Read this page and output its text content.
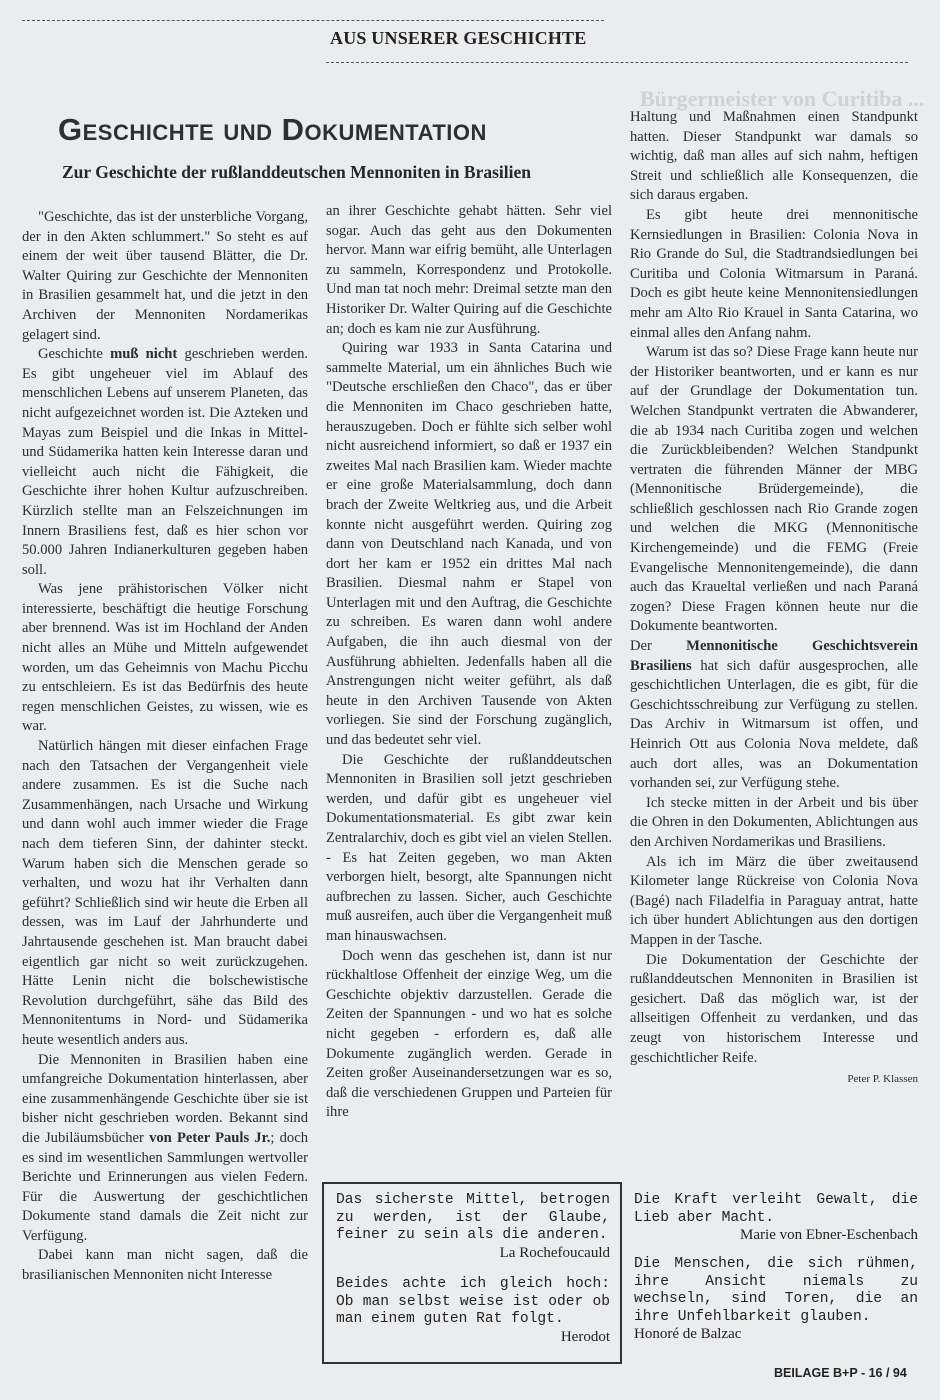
AUS UNSERER GESCHICHTE
Bürgermeister von Curitiba ...
Geschichte und Dokumentation
Zur Geschichte der rußlanddeutschen Mennoniten in Brasilien

"Geschichte, das ist der unsterbliche Vorgang, der in den Akten schlummert." So steht es auf einem der weit über tausend Blätter, die Dr. Walter Quiring zur Geschichte der Mennoniten in Brasilien gesammelt hat, und die jetzt in den Archiven der Mennoniten Nordamerikas gelagert sind.

Geschichte muß nicht geschrieben werden. Es gibt ungeheuer viel im Ablauf des menschlichen Lebens auf unserem Planeten, das nicht aufgezeichnet worden ist. Die Azteken und Mayas zum Beispiel und die Inkas in Mittel- und Südamerika hatten kein Interesse daran und vielleicht auch nicht die Fähigkeit, die Geschichte ihrer hohen Kultur aufzuschreiben. Kürzlich stellte man an Felszeichnungen im Innern Brasiliens fest, daß es hier schon vor 50.000 Jahren Indianerkulturen gegeben haben soll.

Was jene prähistorischen Völker nicht interessierte, beschäftigt die heutige Forschung aber brennend. Was ist im Hochland der Anden nicht alles an Mühe und Mitteln aufgewendet worden, um das Geheimnis von Machu Picchu zu entschleiern. Es ist das Bedürfnis des heute regen menschlichen Geistes, zu wissen, wie es war.

Natürlich hängen mit dieser einfachen Frage nach den Tatsachen der Vergangenheit viele andere zusammen. Es ist die Suche nach Zusammenhängen, nach Ursache und Wirkung und dann wohl auch immer wieder die Frage nach dem tieferen Sinn, der dahinter steckt. Warum haben sich die Menschen gerade so verhalten, und wozu hat ihr Verhalten dann geführt? Schließlich sind wir heute die Erben all dessen, was im Lauf der Jahrhunderte und Jahrtausende geschehen ist. Man braucht dabei eigentlich gar nicht so weit zurückzugehen. Hätte Lenin nicht die bolschewistische Revolution durchgeführt, sähe das Bild des Mennonitentums in Nord- und Südamerika heute wesentlich anders aus.

Die Mennoniten in Brasilien haben eine umfangreiche Dokumentation hinterlassen, aber eine zusammenhängende Geschichte über sie ist bisher nicht geschrieben worden. Bekannt sind die Jubiläumsbücher von Peter Pauls Jr.; doch es sind im wesentlichen Sammlungen wertvoller Berichte und Erinnerungen aus vielen Federn. Für die Auswertung der geschichtlichen Dokumente stand damals die Zeit nicht zur Verfügung.

Dabei kann man nicht sagen, daß die brasilianischen Mennoniten nicht Interesse

an ihrer Geschichte gehabt hätten. Sehr viel sogar. Auch das geht aus den Dokumenten hervor. Mann war eifrig bemüht, alle Unterlagen zu sammeln, Korrespondenz und Protokolle. Und man tat noch mehr: Dreimal setzte man den Historiker Dr. Walter Quiring auf die Geschichte an; doch es kam nie zur Ausführung.

Quiring war 1933 in Santa Catarina und sammelte Material, um ein ähnliches Buch wie "Deutsche erschließen den Chaco", das er über die Mennoniten im Chaco geschrieben hatte, herauszugeben. Doch er fühlte sich selber wohl nicht ausreichend informiert, so daß er 1937 ein zweites Mal nach Brasilien kam. Wieder machte er eine große Materialsammlung, doch dann brach der Zweite Weltkrieg aus, und die Arbeit konnte nicht ausgeführt werden. Quiring zog dann von Deutschland nach Kanada, und von dort her kam er 1952 ein drittes Mal nach Brasilien. Diesmal nahm er Stapel von Unterlagen mit und den Auftrag, die Geschichte zu schreiben. Es waren dann wohl andere Aufgaben, die ihn auch diesmal von der Ausführung abhielten. Jedenfalls haben all die Anstrengungen nicht weiter geführt, als daß heute in den Archiven Tausende von Akten vorliegen. Sie sind der Forschung zugänglich, und das bedeutet sehr viel.

Die Geschichte der rußlanddeutschen Mennoniten in Brasilien soll jetzt geschrieben werden, und dafür gibt es ungeheuer viel Dokumentationsmaterial. Es gibt zwar kein Zentralarchiv, doch es gibt viel an vielen Stellen. - Es hat Zeiten gegeben, wo man Akten verborgen hielt, besorgt, alte Spannungen nicht aufbrechen zu lassen. Sicher, auch Geschichte muß ausreifen, auch über die Vergangenheit muß man hinauswachsen.

Doch wenn das geschehen ist, dann ist nur rückhaltlose Offenheit der einzige Weg, um die Geschichte objektiv darzustellen. Gerade die Zeiten der Spannungen - und wo hat es solche nicht gegeben - erfordern es, daß alle Dokumente zugänglich werden. Gerade in Zeiten großer Auseinandersetzungen war es so, daß die verschiedenen Gruppen und Parteien für ihre

Haltung und Maßnahmen einen Standpunkt hatten. Dieser Standpunkt war damals so wichtig, daß man alles auf sich nahm, heftigen Streit und schließlich alle Konsequenzen, die sich daraus ergaben.

Es gibt heute drei mennonitische Kernsiedlungen in Brasilien: Colonia Nova in Rio Grande do Sul, die Stadtrandsiedlungen bei Curitiba und Colonia Witmarsum in Paraná. Doch es gibt heute keine Mennonitensiedlungen mehr am Alto Rio Krauel in Santa Catarina, wo einmal alles den Anfang nahm.

Warum ist das so? Diese Frage kann heute nur der Historiker beantworten, und er kann es nur auf der Grundlage der Dokumentation tun. Welchen Standpunkt vertraten die Abwanderer, die ab 1934 nach Curitiba zogen und welchen die Zurückbleibenden? Welchen Standpunkt vertraten die führenden Männer der MBG (Mennonitische Brüdergemeinde), die schließlich geschlossen nach Rio Grande zogen und welchen die MKG (Mennonitische Kirchengemeinde) und die FEMG (Freie Evangelische Mennonitengemeinde), die dann auch das Kraueltal verließen und nach Paraná zogen? Diese Fragen können heute nur die Dokumente beantworten.

Der Mennonitische Geschichtsverein Brasiliens hat sich dafür ausgesprochen, alle geschichtlichen Unterlagen, die es gibt, für die Geschichtsschreibung zur Verfügung zu stellen. Das Archiv in Witmarsum ist offen, und Heinrich Ott aus Colonia Nova meldete, daß auch dort alles, was an Dokumentation vorhanden sei, zur Verfügung stehe.

Ich stecke mitten in der Arbeit und bis über die Ohren in den Dokumenten, Ablichtungen aus den Archiven Nordamerikas und Brasiliens.

Als ich im März die über zweitausend Kilometer lange Rückreise von Colonia Nova (Bagé) nach Filadelfia in Paraguay antrat, hatte ich über hundert Ablichtungen aus den dortigen Mappen in der Tasche.

Die Dokumentation der Geschichte der rußlanddeutschen Mennoniten in Brasilien ist gesichert. Daß das möglich war, ist der allseitigen Offenheit zu verdanken, und das zeugt von historischem Interesse und geschichtlicher Reife.

Peter P. Klassen
Das sicherste Mittel, betrogen zu werden, ist der Glaube, feiner zu sein als die anderen.
La Rochefoucauld
Beides achte ich gleich hoch: Ob man selbst weise ist oder ob man einem guten Rat folgt.
Herodot
Die Kraft verleiht Gewalt, die Lieb aber Macht.
Marie von Ebner-Eschenbach
Die Menschen, die sich rühmen, ihre Ansicht niemals zu wechseln, sind Toren, die an ihre Unfehlbarkeit glauben.
Honoré de Balzac
BEILAGE B+P - 16 / 94
